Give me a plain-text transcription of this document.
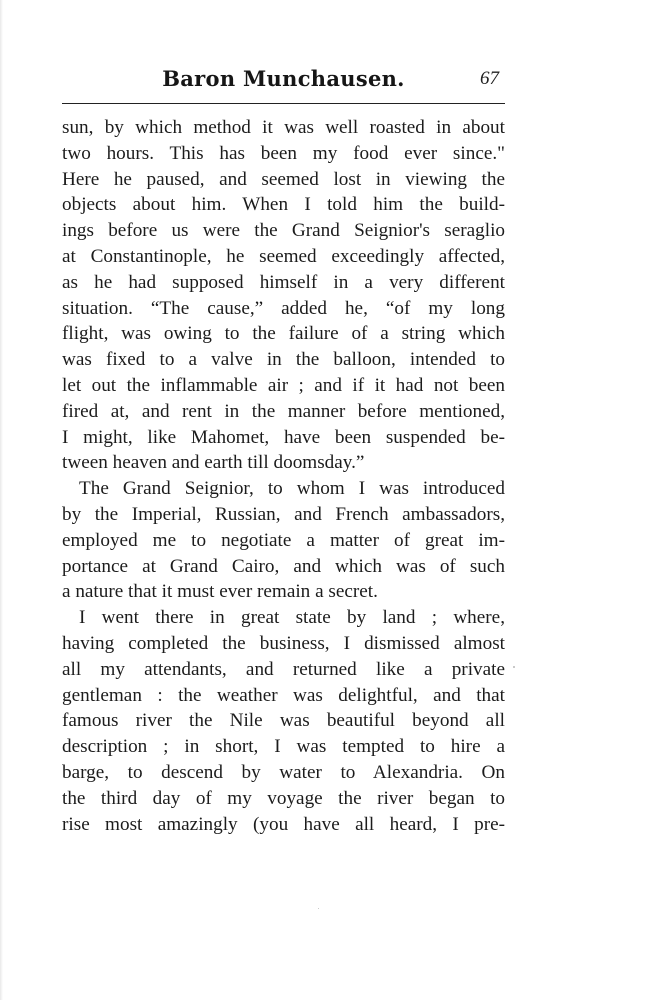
Baron Munchausen.	67
sun, by which method it was well roasted in about
two hours. This has been my food ever since."
Here he paused, and seemed lost in viewing the
objects about him. When I told him the build-
ings before us were the Grand Seignior's seraglio
at Constantinople, he seemed exceedingly affected,
as he had supposed himself in a very different
situation. “The cause,” added he, “of my long
flight, was owing to the failure of a string which
was fixed to a valve in the balloon, intended to
let out the inflammable air ; and if it had not been
fired at, and rent in the manner before mentioned,
I might, like Mahomet, have been suspended be-
tween heaven and earth till doomsday.”
The Grand Seignior, to whom I was introduced
by the Imperial, Russian, and French ambassadors,
employed me to negotiate a matter of great im-
portance at Grand Cairo, and which was of such
a nature that it must ever remain a secret.
I went there in great state by land ; where,
having completed the business, I dismissed almost
all my attendants, and returned like a private
gentleman : the weather was delightful, and that
famous river the Nile was beautiful beyond all
description ; in short, I was tempted to hire a
barge, to descend by water to Alexandria. On
the third day of my voyage the river began to
rise most amazingly (you have all heard, I pre-
